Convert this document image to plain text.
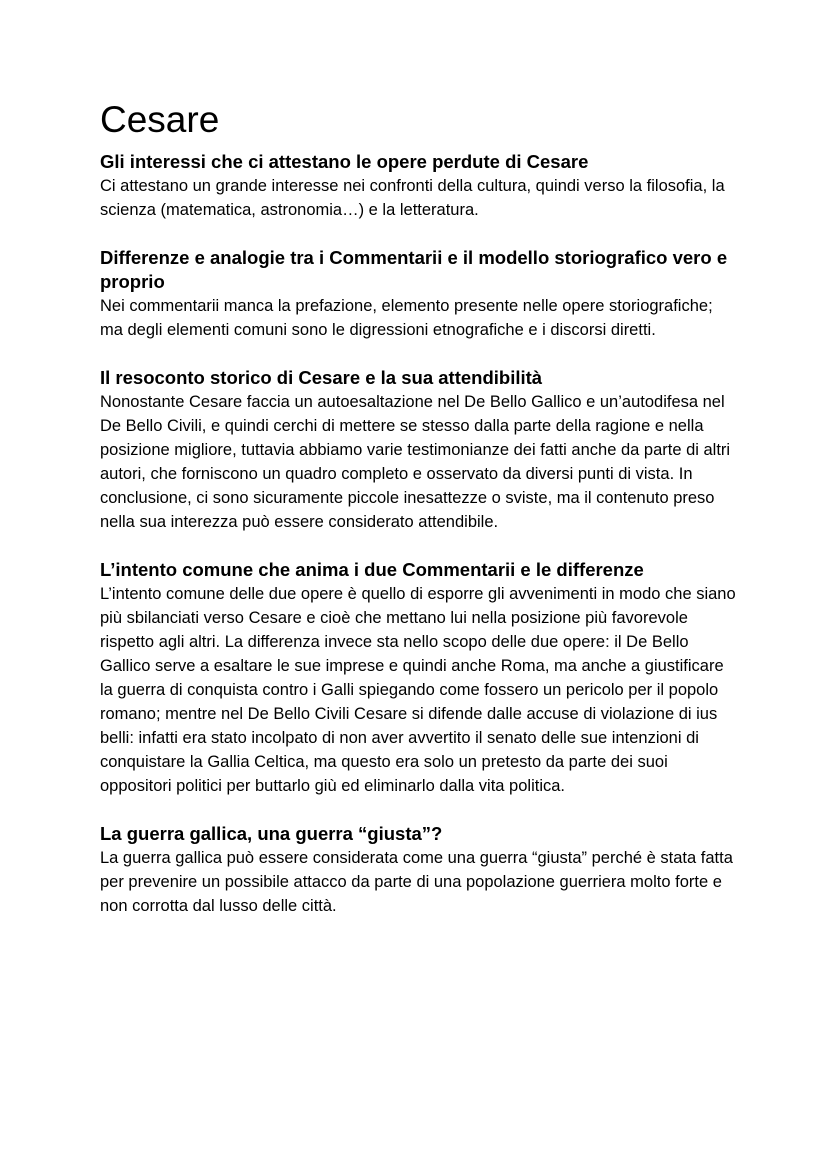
Cesare
Gli interessi che ci attestano le opere perdute di Cesare

Ci attestano un grande interesse nei confronti della cultura, quindi verso la filosofia, la scienza (matematica, astronomia…) e la letteratura.

Differenze e analogie tra i Commentarii e il modello storiografico vero e proprio

Nei commentarii manca la prefazione, elemento presente nelle opere storiografiche; ma degli elementi comuni sono le digressioni etnografiche e i discorsi diretti.

Il resoconto storico di Cesare e la sua attendibilità

Nonostante Cesare faccia un autoesaltazione nel De Bello Gallico e un’autodifesa nel De Bello Civili, e quindi cerchi di mettere se stesso dalla parte della ragione e nella posizione migliore, tuttavia abbiamo varie testimonianze dei fatti anche da parte di altri autori, che forniscono un quadro completo e osservato da diversi punti di vista. In conclusione, ci sono sicuramente piccole inesattezze o sviste, ma il contenuto preso nella sua interezza può essere considerato attendibile.

L’intento comune che anima i due Commentarii e le differenze

L’intento comune delle due opere è quello di esporre gli avvenimenti in modo che siano più sbilanciati verso Cesare e cioè che mettano lui nella posizione più favorevole rispetto agli altri. La differenza invece sta nello scopo delle due opere: il De Bello Gallico serve a esaltare le sue imprese e quindi anche Roma, ma anche a giustificare la guerra di conquista contro i Galli spiegando come fossero un pericolo per il popolo romano; mentre nel De Bello Civili Cesare si difende dalle accuse di violazione di ius belli: infatti era stato incolpato di non aver avvertito il senato delle sue intenzioni di conquistare la Gallia Celtica, ma questo era solo un pretesto da parte dei suoi oppositori politici per buttarlo giù ed eliminarlo dalla vita politica.

La guerra gallica, una guerra “giusta”?

La guerra gallica può essere considerata come una guerra “giusta” perché è stata fatta per prevenire un possibile attacco da parte di una popolazione guerriera molto forte e non corrotta dal lusso delle città.
